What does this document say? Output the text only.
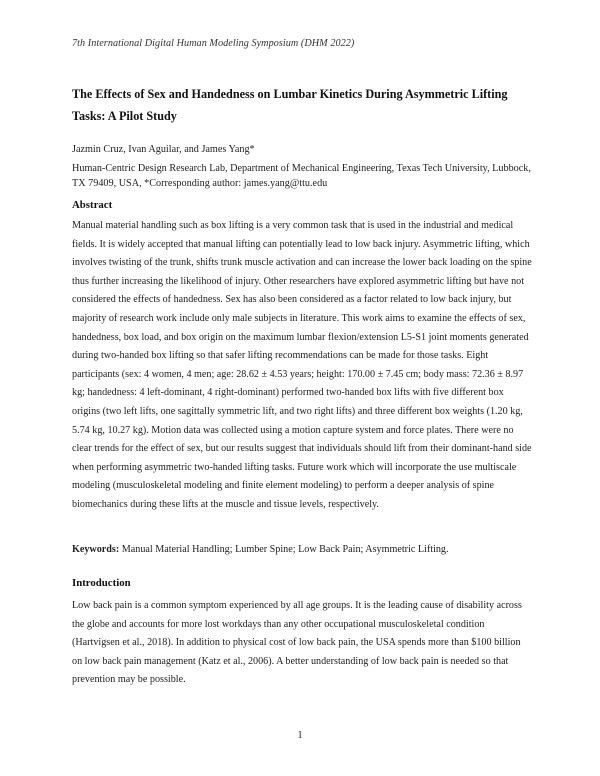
7th International Digital Human Modeling Symposium (DHM 2022)
The Effects of Sex and Handedness on Lumbar Kinetics During Asymmetric Lifting Tasks: A Pilot Study
Jazmin Cruz, Ivan Aguilar, and James Yang*
Human-Centric Design Research Lab, Department of Mechanical Engineering, Texas Tech University, Lubbock, TX 79409, USA, *Corresponding author: james.yang@ttu.edu
Abstract
Manual material handling such as box lifting is a very common task that is used in the industrial and medical fields. It is widely accepted that manual lifting can potentially lead to low back injury. Asymmetric lifting, which involves twisting of the trunk, shifts trunk muscle activation and can increase the lower back loading on the spine thus further increasing the likelihood of injury. Other researchers have explored asymmetric lifting but have not considered the effects of handedness. Sex has also been considered as a factor related to low back injury, but majority of research work include only male subjects in literature. This work aims to examine the effects of sex, handedness, box load, and box origin on the maximum lumbar flexion/extension L5-S1 joint moments generated during two-handed box lifting so that safer lifting recommendations can be made for those tasks. Eight participants (sex: 4 women, 4 men; age: 28.62 ± 4.53 years; height: 170.00 ± 7.45 cm; body mass: 72.36 ± 8.97 kg; handedness: 4 left-dominant, 4 right-dominant) performed two-handed box lifts with five different box origins (two left lifts, one sagittally symmetric lift, and two right lifts) and three different box weights (1.20 kg, 5.74 kg, 10.27 kg). Motion data was collected using a motion capture system and force plates. There were no clear trends for the effect of sex, but our results suggest that individuals should lift from their dominant-hand side when performing asymmetric two-handed lifting tasks. Future work which will incorporate the use multiscale modeling (musculoskeletal modeling and finite element modeling) to perform a deeper analysis of spine biomechanics during these lifts at the muscle and tissue levels, respectively.
Keywords: Manual Material Handling; Lumber Spine; Low Back Pain; Asymmetric Lifting.
Introduction
Low back pain is a common symptom experienced by all age groups. It is the leading cause of disability across the globe and accounts for more lost workdays than any other occupational musculoskeletal condition (Hartvigsen et al., 2018). In addition to physical cost of low back pain, the USA spends more than $100 billion on low back pain management (Katz et al., 2006). A better understanding of low back pain is needed so that prevention may be possible.
1
